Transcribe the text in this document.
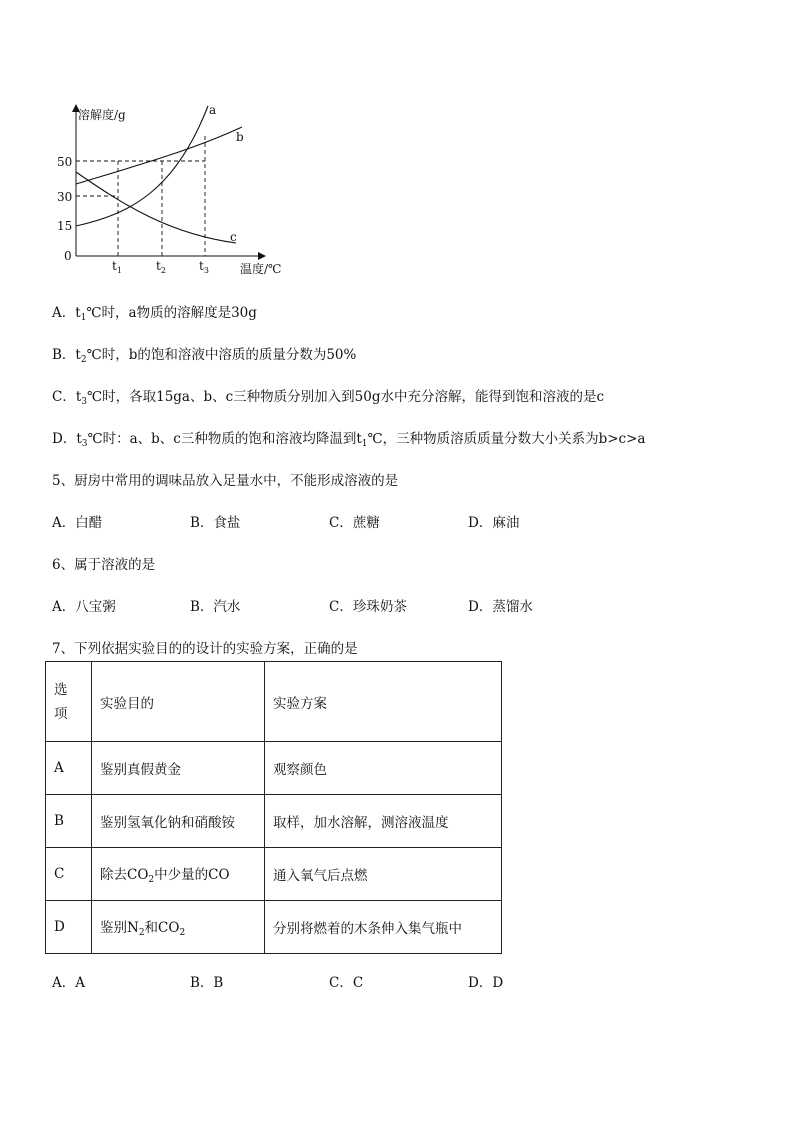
a
b
c
溶解度/g
温度/℃
50
30
15
0
$t_1$	$t_2$	$t_3$
A．$t_1℃$时，a物质的溶解度是30g
B．$t_2℃$时，b的饱和溶液中溶质的质量分数为50%
C．$t_3℃$时，各取15ga、b、c三种物质分别加入到50g水中充分溶解，能得到饱和溶液的是c
D．$t_3℃$时：a、b、c三种物质的饱和溶液均降温到$t_1℃$，三种物质溶质质量分数大小关系为b>c>a
5、厨房中常用的调味品放入足量水中，不能形成溶液的是
A．白醋	B．食盐	C．蔗糖	D．麻油
6、属于溶液的是
A．八宝粥	B．汽水	C．珍珠奶茶	D．蒸馏水
7、下列依据实验目的的设计的实验方案，正确的是
选
项	实验目的	实验方案
A	鉴别真假黄金	观察颜色
B	鉴别氢氧化钠和硝酸铵	取样，加水溶解，测溶液温度
C	除去$CO_2$中少量的CO	通入氧气后点燃
D	鉴别$N_2$和$CO_2$	分别将燃着的木条伸入集气瓶中
A．A	B．B	C．C	D．D
